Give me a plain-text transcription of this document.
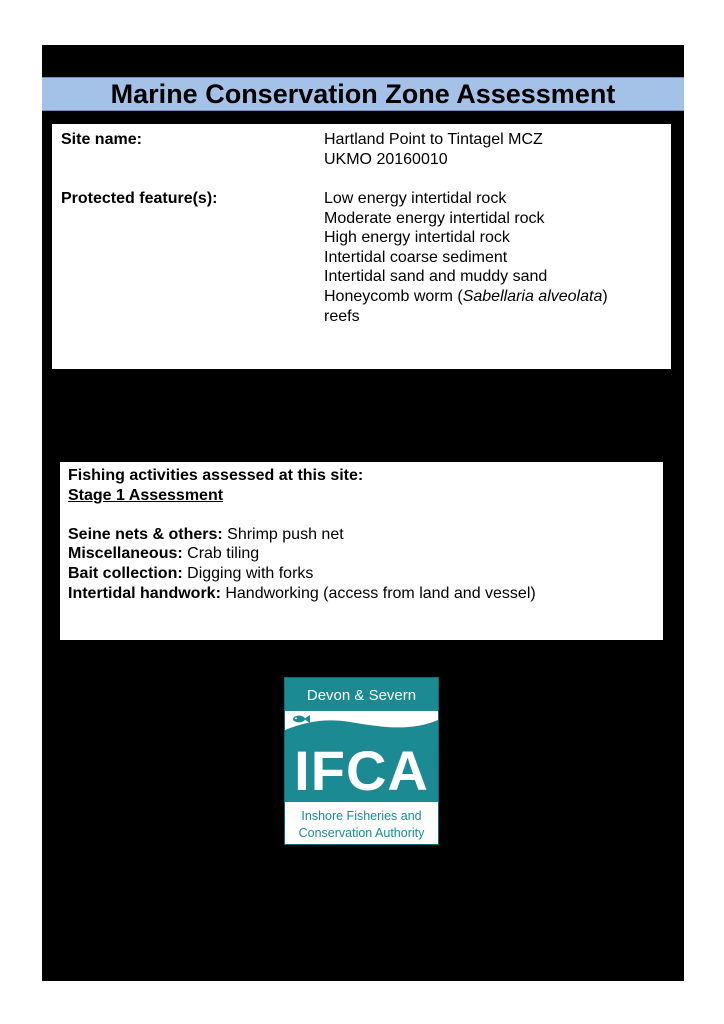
Marine Conservation Zone Assessment
Site name:	Hartland Point to Tintagel MCZ
UKMO 20160010
Protected feature(s):	Low energy intertidal rock
Moderate energy intertidal rock
High energy intertidal rock
Intertidal coarse sediment
Intertidal sand and muddy sand
Honeycomb worm (Sabellaria alveolata)
reefs
Fishing activities assessed at this site:
Stage 1 Assessment
Seine nets & others: Shrimp push net
Miscellaneous: Crab tiling
Bait collection: Digging with forks
Intertidal handwork: Handworking (access from land and vessel)
Devon & Severn
IFCA
Inshore Fisheries and
Conservation Authority
